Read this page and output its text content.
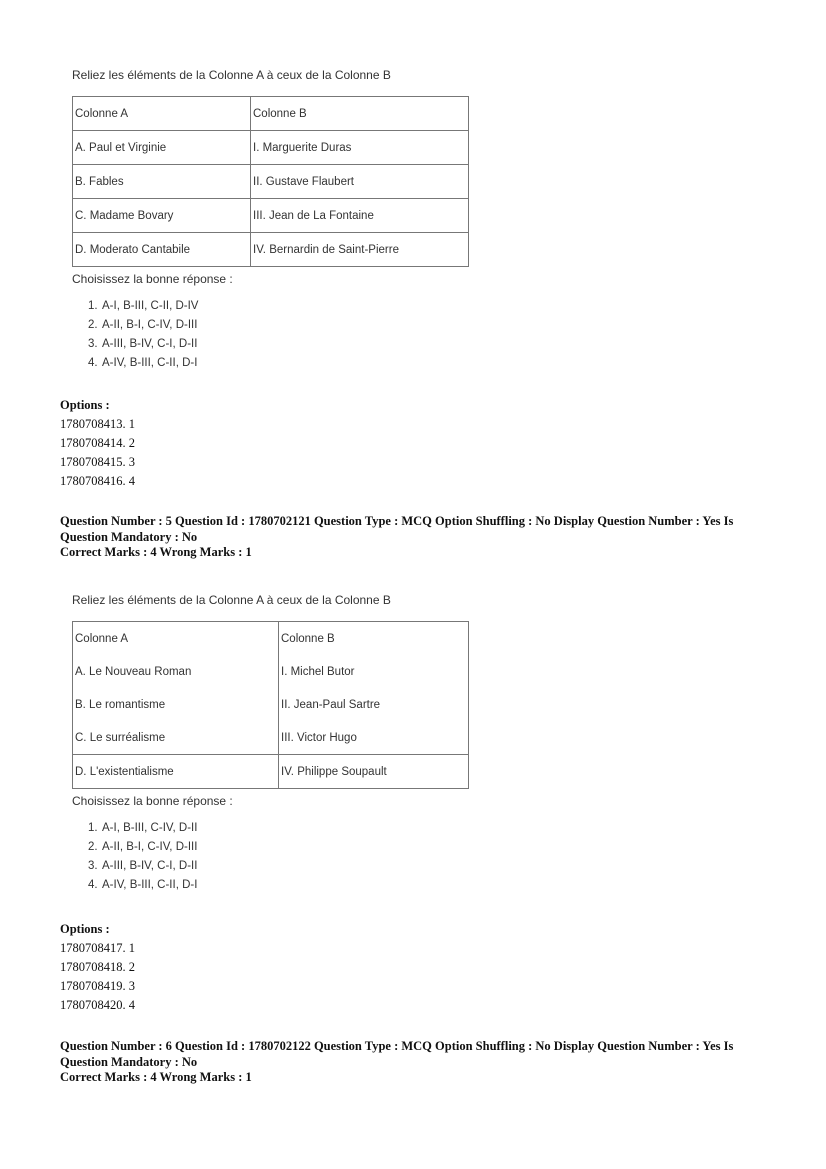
Reliez les éléments de la Colonne A à ceux de la Colonne B

Colonne A	Colonne B
A. Paul et Virginie	I. Marguerite Duras
B. Fables	II. Gustave Flaubert
C. Madame Bovary	III. Jean de La Fontaine
D. Moderato Cantabile	IV. Bernardin de Saint-Pierre

Choisissez la bonne réponse :

1. A-I, B-III, C-II, D-IV
2. A-II, B-I, C-IV, D-III
3. A-III, B-IV, C-I, D-II
4. A-IV, B-III, C-II, D-I
Options :
1780708413. 1
1780708414. 2
1780708415. 3
1780708416. 4
Question Number : 5 Question Id : 1780702121 Question Type : MCQ Option Shuffling : No Display Question Number : Yes Is
Question Mandatory : No
Correct Marks : 4 Wrong Marks : 1

Reliez les éléments de la Colonne A à ceux de la Colonne B

Colonne A	Colonne B
A. Le Nouveau Roman	I. Michel Butor
B. Le romantisme	II. Jean-Paul Sartre
C. Le surréalisme	III. Victor Hugo
D. L'existentialisme	IV. Philippe Soupault

Choisissez la bonne réponse :

1. A-I, B-III, C-IV, D-II
2. A-II, B-I, C-IV, D-III
3. A-III, B-IV, C-I, D-II
4. A-IV, B-III, C-II, D-I
Options :
1780708417. 1
1780708418. 2
1780708419. 3
1780708420. 4
Question Number : 6 Question Id : 1780702122 Question Type : MCQ Option Shuffling : No Display Question Number : Yes Is
Question Mandatory : No
Correct Marks : 4 Wrong Marks : 1
